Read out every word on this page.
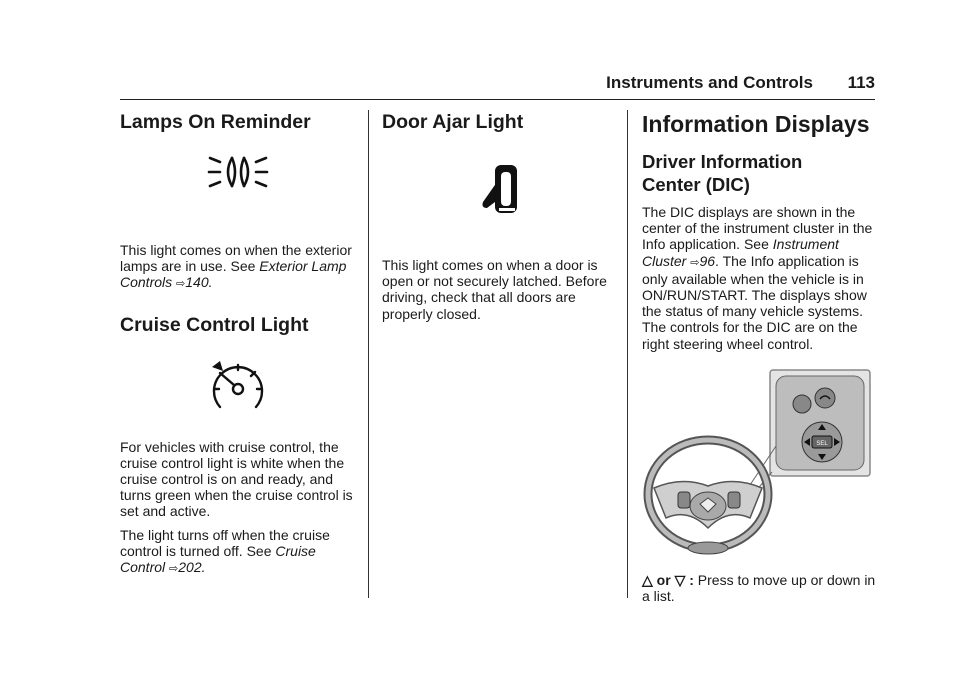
Instruments and Controls 113
Lamps On Reminder

This light comes on when the exterior lamps are in use. See Exterior Lamp Controls ⇨140.

Cruise Control Light

For vehicles with cruise control, the cruise control light is white when the cruise control is on and ready, and turns green when the cruise control is set and active.

The light turns off when the cruise control is turned off. See Cruise Control ⇨202.

Door Ajar Light

This light comes on when a door is open or not securely latched. Before driving, check that all doors are properly closed.

Information Displays
Driver Information Center (DIC)

The DIC displays are shown in the center of the instrument cluster in the Info application. See Instrument Cluster ⇨96. The Info application is only available when the vehicle is in ON/RUN/START. The displays show the status of many vehicle systems. The controls for the DIC are on the right steering wheel control.

SEL

△ or ▽ : Press to move up or down in a list.
